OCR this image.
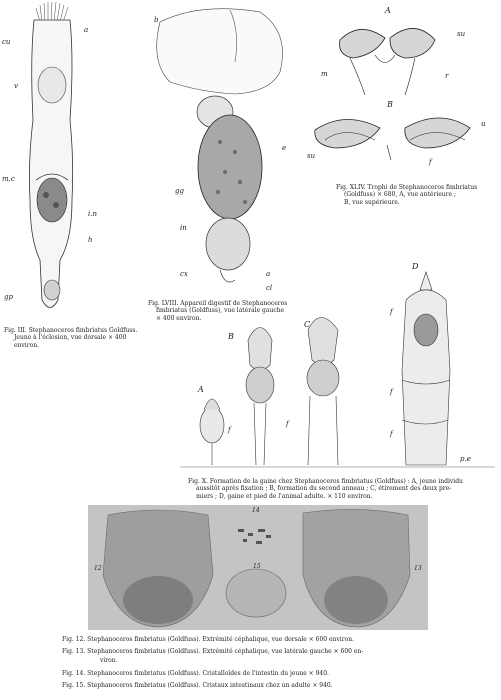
cu
a
v
m.c
i.n
h
gp
Fig. III. Stephanoceros fimbriatus Goldfuss.
Jeune à l'éclosion, vue dorsale × 400
environ.
b
gg
e
in
cx	a
cl
Fig. LVIII. Appareil digestif de Stephanoceros
fimbriatus (Goldfuss), vue latérale gauche
× 400 environ.
A
su
m	r
B
u
su
f
Fig. XLIV. Trophi de Stephanoceros fimbriatus
(Goldfuss) × 680, A, vue antérieure ;
B, vue supérieure.
A
B
C
D
f
f
f
f
f
p.e
Fig. X. Formation de la gaine chez Stephanoceros fimbriatus (Goldfuss) : A, jeune individu
aussitôt après fixation ; B, formation du second anneau ; C, étirement des deux pre-
miers ; D, gaine et pied de l'animal adulte. × 110 environ.
14
12	13
15
Fig. 12. Stephanoceros fimbriatus (Goldfuss). Extrémité céphalique, vue dorsale × 600 environ.
Fig. 13. Stephanoceros fimbriatus (Goldfuss). Extrémité céphalique, vue latérale gauche × 600 en-
viron.
Fig. 14. Stephanoceros fimbriatus (Goldfuss). Cristalloïdes de l'intestin du jeune × 940.
Fig. 15. Stephanoceros fimbriatus (Goldfuss). Cristaux intestinaux chez un adulte × 940.
